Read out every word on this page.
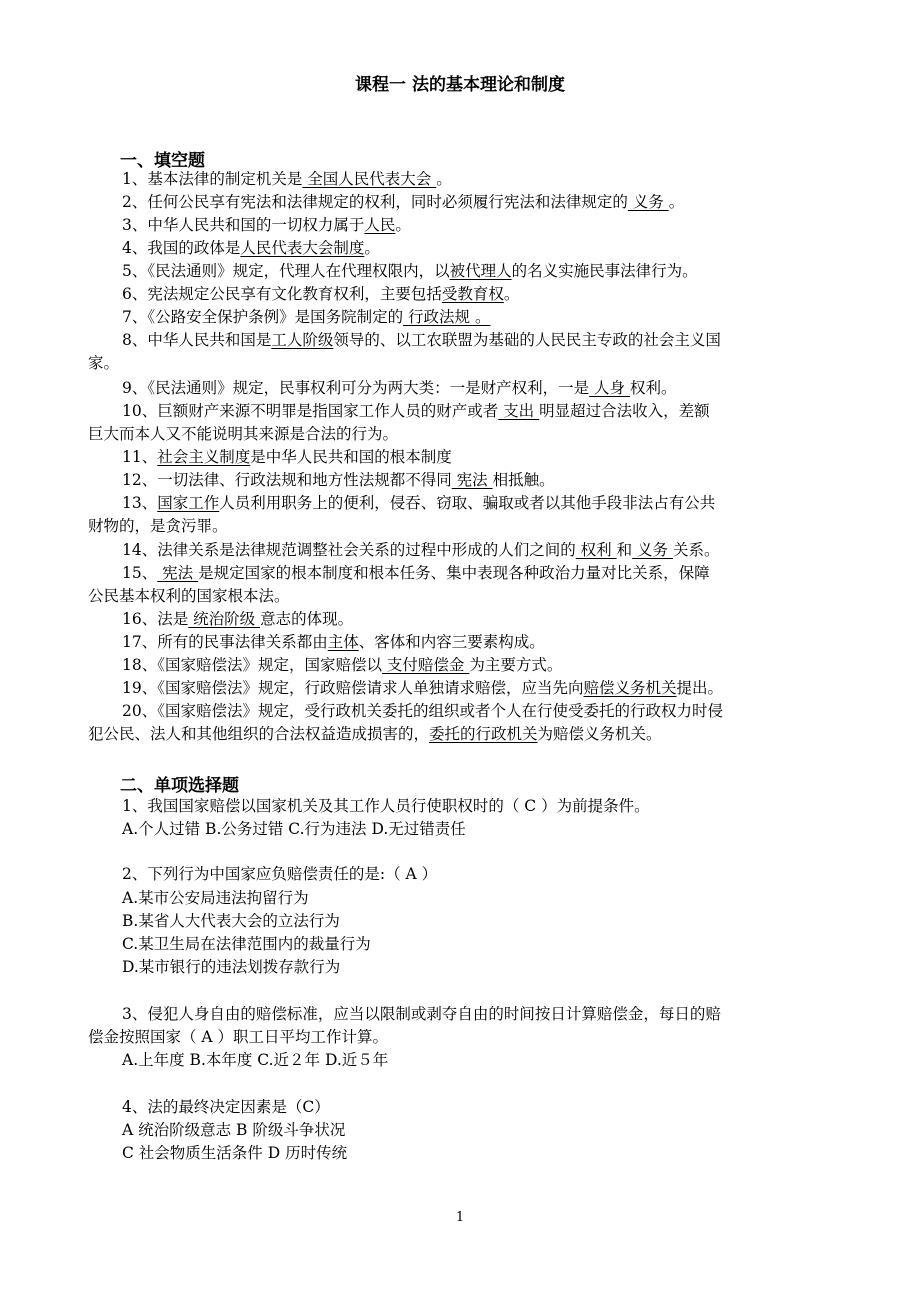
课程一 法的基本理论和制度
一、填空题
1、基本法律的制定机关是 全国人民代表大会 。
2、任何公民享有宪法和法律规定的权利，同时必须履行宪法和法律规定的 义务 。
3、中华人民共和国的一切权力属于人民。
4、我国的政体是人民代表大会制度。
5、《民法通则》规定，代理人在代理权限内，以被代理人的名义实施民事法律行为。
6、宪法规定公民享有文化教育权利，主要包括受教育权。
7、《公路安全保护条例》是国务院制定的 行政法规 。
8、中华人民共和国是工人阶级领导的、以工农联盟为基础的人民民主专政的社会主义国
家。
9、《民法通则》规定，民事权利可分为两大类：一是财产权利，一是 人身 权利。
10、巨额财产来源不明罪是指国家工作人员的财产或者 支出 明显超过合法收入，差额
巨大而本人又不能说明其来源是合法的行为。
11、社会主义制度是中华人民共和国的根本制度
12、一切法律、行政法规和地方性法规都不得同 宪法 相抵触。
13、国家工作人员利用职务上的便利，侵吞、窃取、骗取或者以其他手段非法占有公共
财物的，是贪污罪。
14、法律关系是法律规范调整社会关系的过程中形成的人们之间的 权利 和 义务 关系。
15、 宪法 是规定国家的根本制度和根本任务、集中表现各种政治力量对比关系，保障
公民基本权利的国家根本法。
16、法是 统治阶级 意志的体现。
17、所有的民事法律关系都由主体、客体和内容三要素构成。
18、《国家赔偿法》规定，国家赔偿以 支付赔偿金 为主要方式。
19、《国家赔偿法》规定，行政赔偿请求人单独请求赔偿，应当先向赔偿义务机关提出。
20、《国家赔偿法》规定，受行政机关委托的组织或者个人在行使受委托的行政权力时侵
犯公民、法人和其他组织的合法权益造成损害的，委托的行政机关为赔偿义务机关。
二、单项选择题
1、我国国家赔偿以国家机关及其工作人员行使职权时的（ C ）为前提条件。
A.个人过错 B.公务过错 C.行为违法 D.无过错责任
2、下列行为中国家应负赔偿责任的是:（ A ）
A.某市公安局违法拘留行为
B.某省人大代表大会的立法行为
C.某卫生局在法律范围内的裁量行为
D.某市银行的违法划拨存款行为
3、侵犯人身自由的赔偿标准，应当以限制或剥夺自由的时间按日计算赔偿金，每日的赔
偿金按照国家（ A ）职工日平均工作计算。
A.上年度 B.本年度 C.近２年 D.近５年
4、法的最终决定因素是（C）
A 统治阶级意志 B 阶级斗争状况
C 社会物质生活条件 D 历时传统
1
